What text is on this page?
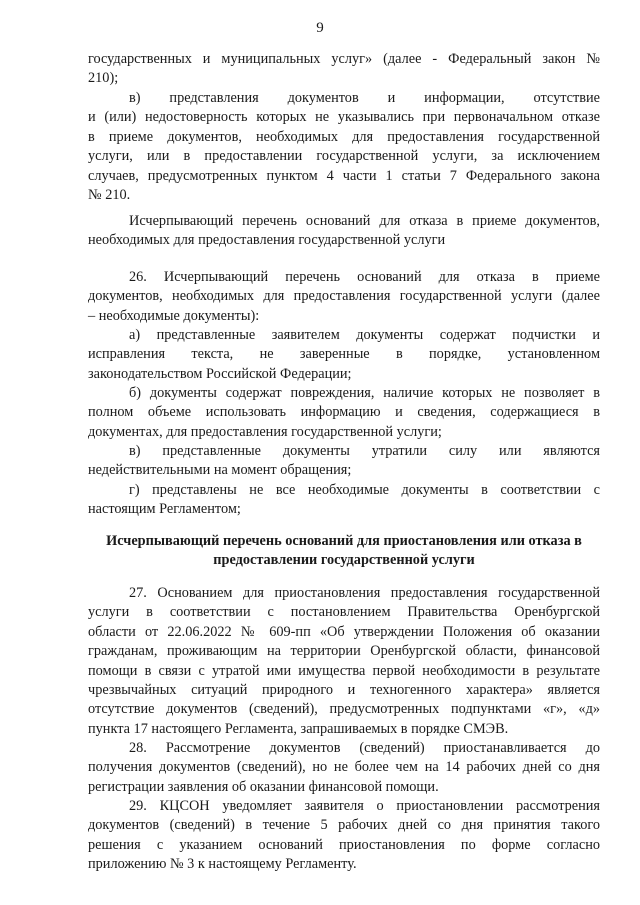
9
государственных и муниципальных услуг» (далее - Федеральный закон №
210);
в) представления документов и информации, отсутствие
и (или) недостоверность которых не указывались при первоначальном отказе
в приеме документов, необходимых для предоставления государственной
услуги, или в предоставлении государственной услуги, за исключением
случаев, предусмотренных пунктом 4 части 1 статьи 7 Федерального закона
№ 210.
Исчерпывающий перечень оснований для отказа в приеме документов,
необходимых для предоставления государственной услуги
26. Исчерпывающий перечень оснований для отказа в приеме
документов, необходимых для предоставления государственной услуги (далее
– необходимые документы):
а) представленные заявителем документы содержат подчистки и
исправления текста, не заверенные в порядке, установленном
законодательством Российской Федерации;
б) документы содержат повреждения, наличие которых не позволяет в
полном объеме использовать информацию и сведения, содержащиеся в
документах, для предоставления государственной услуги;
в) представленные документы утратили силу или являются
недействительными на момент обращения;
г) представлены не все необходимые документы в соответствии с
настоящим Регламентом;
Исчерпывающий перечень оснований для приостановления или отказа в
предоставлении государственной услуги
27. Основанием для приостановления предоставления государственной
услуги в соответствии с постановлением Правительства Оренбургской
области от 22.06.2022 № 609-пп «Об утверждении Положения об оказании
гражданам, проживающим на территории Оренбургской области, финансовой
помощи в связи с утратой ими имущества первой необходимости в результате
чрезвычайных ситуаций природного и техногенного характера» является
отсутствие документов (сведений), предусмотренных подпунктами «г», «д»
пункта 17 настоящего Регламента, запрашиваемых в порядке СМЭВ.
28. Рассмотрение документов (сведений) приостанавливается до
получения документов (сведений), но не более чем на 14 рабочих дней со дня
регистрации заявления об оказании финансовой помощи.
29. КЦСОН уведомляет заявителя о приостановлении рассмотрения
документов (сведений) в течение 5 рабочих дней со дня принятия такого
решения с указанием оснований приостановления по форме согласно
приложению № 3 к настоящему Регламенту.
